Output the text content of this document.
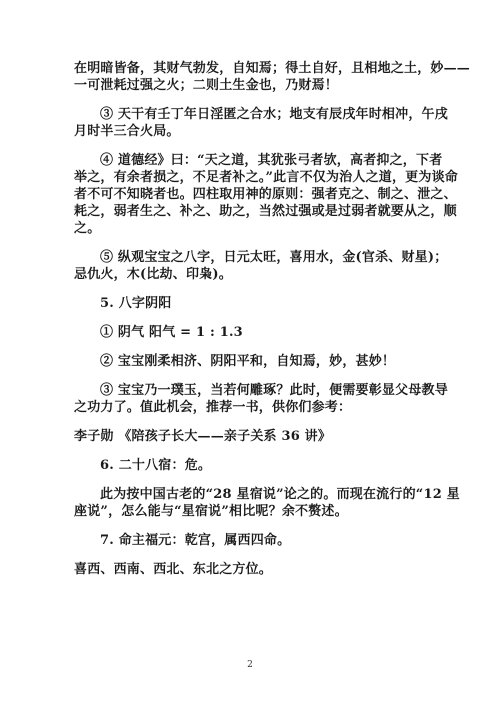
在明暗皆备，其财气勃发，自知焉；得土自好，且相地之土，妙——
一可泄耗过强之火；二则土生金也，乃财焉！
③ 天干有壬丁年日淫匿之合水；地支有辰戌年时相冲，午戌
月时半三合火局。
④ 道德经》曰：“天之道，其犹张弓者欤，高者抑之，下者
举之，有余者损之，不足者补之。”此言不仅为治人之道，更为谈命
者不可不知晓者也。四柱取用神的原则：强者克之、制之、泄之、
耗之，弱者生之、补之、助之，当然过强或是过弱者就要从之，顺
之。
⑤ 纵观宝宝之八字，日元太旺，喜用水，金(官杀、财星)；
忌仇火，木(比劫、印枭)。
5. 八字阴阳
① 阴气 阳气 = 1 : 1.3
② 宝宝刚柔相济、阴阳平和，自知焉，妙，甚妙！
③ 宝宝乃一璞玉，当若何雕琢？此时，便需要彰显父母教导
之功力了。值此机会，推荐一书，供你们参考：
李子勋 《陪孩子长大——亲子关系 36 讲》
6. 二十八宿：危。
此为按中国古老的“28 星宿说”论之的。而现在流行的“12 星
座说”，怎么能与“星宿说”相比呢？余不赘述。
7. 命主福元：乾宫，属西四命。
喜西、西南、西北、东北之方位。
2
